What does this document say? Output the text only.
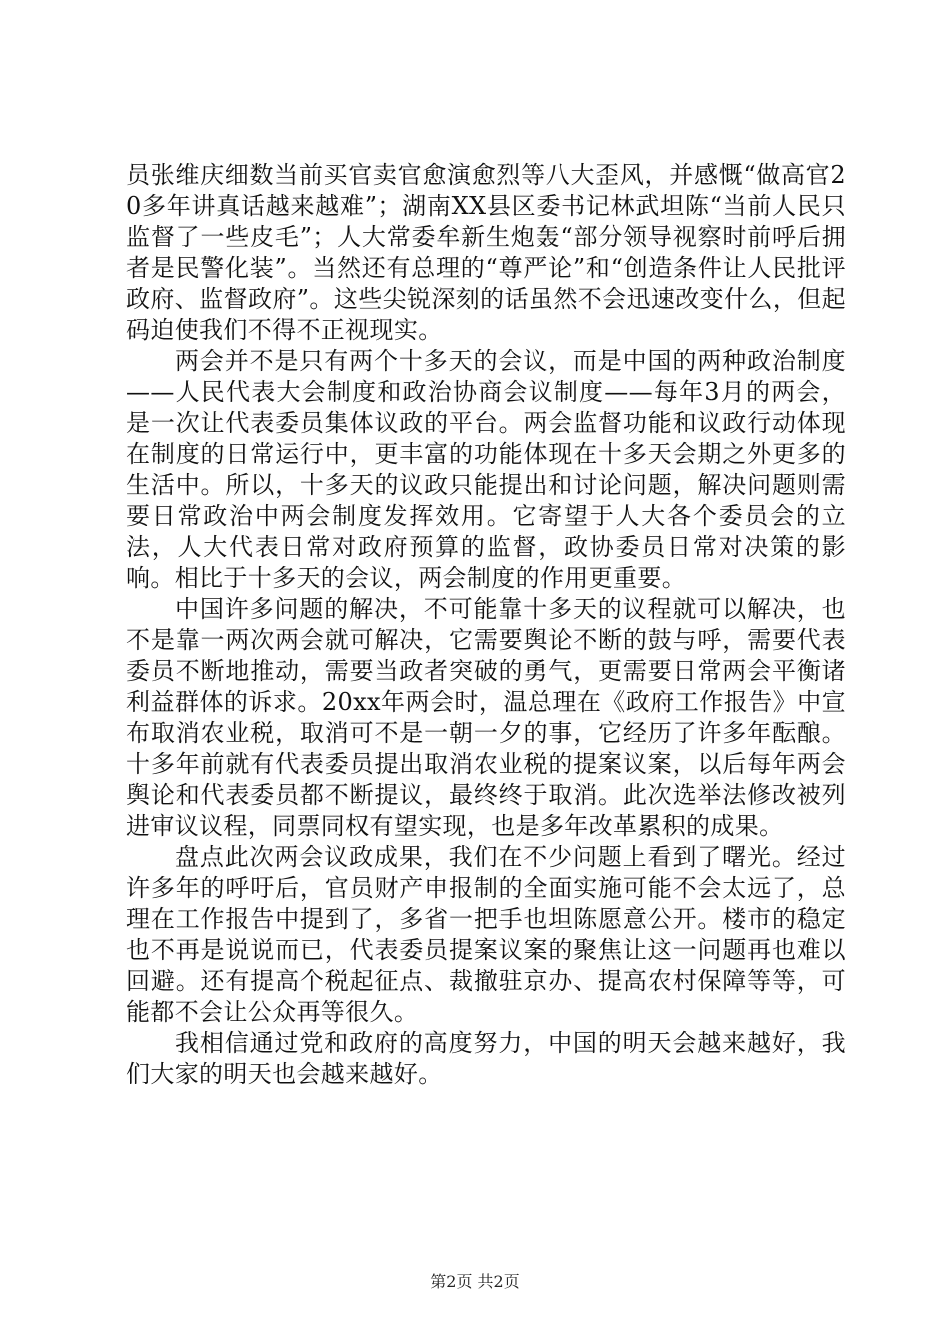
员张维庆细数当前买官卖官愈演愈烈等八大歪风，并感慨“做高官20多年讲真话越来越难”；湖南XX县区委书记林武坦陈“当前人民只监督了一些皮毛”；人大常委牟新生炮轰“部分领导视察时前呼后拥者是民警化装”。当然还有总理的“尊严论”和“创造条件让人民批评政府、监督政府”。这些尖锐深刻的话虽然不会迅速改变什么，但起码迫使我们不得不正视现实。

两会并不是只有两个十多天的会议，而是中国的两种政治制度——人民代表大会制度和政治协商会议制度——每年3月的两会，是一次让代表委员集体议政的平台。两会监督功能和议政行动体现在制度的日常运行中，更丰富的功能体现在十多天会期之外更多的生活中。所以，十多天的议政只能提出和讨论问题，解决问题则需要日常政治中两会制度发挥效用。它寄望于人大各个委员会的立法，人大代表日常对政府预算的监督，政协委员日常对决策的影响。相比于十多天的会议，两会制度的作用更重要。

中国许多问题的解决，不可能靠十多天的议程就可以解决，也不是靠一两次两会就可解决，它需要舆论不断的鼓与呼，需要代表委员不断地推动，需要当政者突破的勇气，更需要日常两会平衡诸利益群体的诉求。20xx年两会时，温总理在《政府工作报告》中宣布取消农业税，取消可不是一朝一夕的事，它经历了许多年酝酿。十多年前就有代表委员提出取消农业税的提案议案，以后每年两会舆论和代表委员都不断提议，最终终于取消。此次选举法修改被列进审议议程，同票同权有望实现，也是多年改革累积的成果。

盘点此次两会议政成果，我们在不少问题上看到了曙光。经过许多年的呼吁后，官员财产申报制的全面实施可能不会太远了，总理在工作报告中提到了，多省一把手也坦陈愿意公开。楼市的稳定也不再是说说而已，代表委员提案议案的聚焦让这一问题再也难以回避。还有提高个税起征点、裁撤驻京办、提高农村保障等等，可能都不会让公众再等很久。

我相信通过党和政府的高度努力，中国的明天会越来越好，我们大家的明天也会越来越好。

第2页 共2页
